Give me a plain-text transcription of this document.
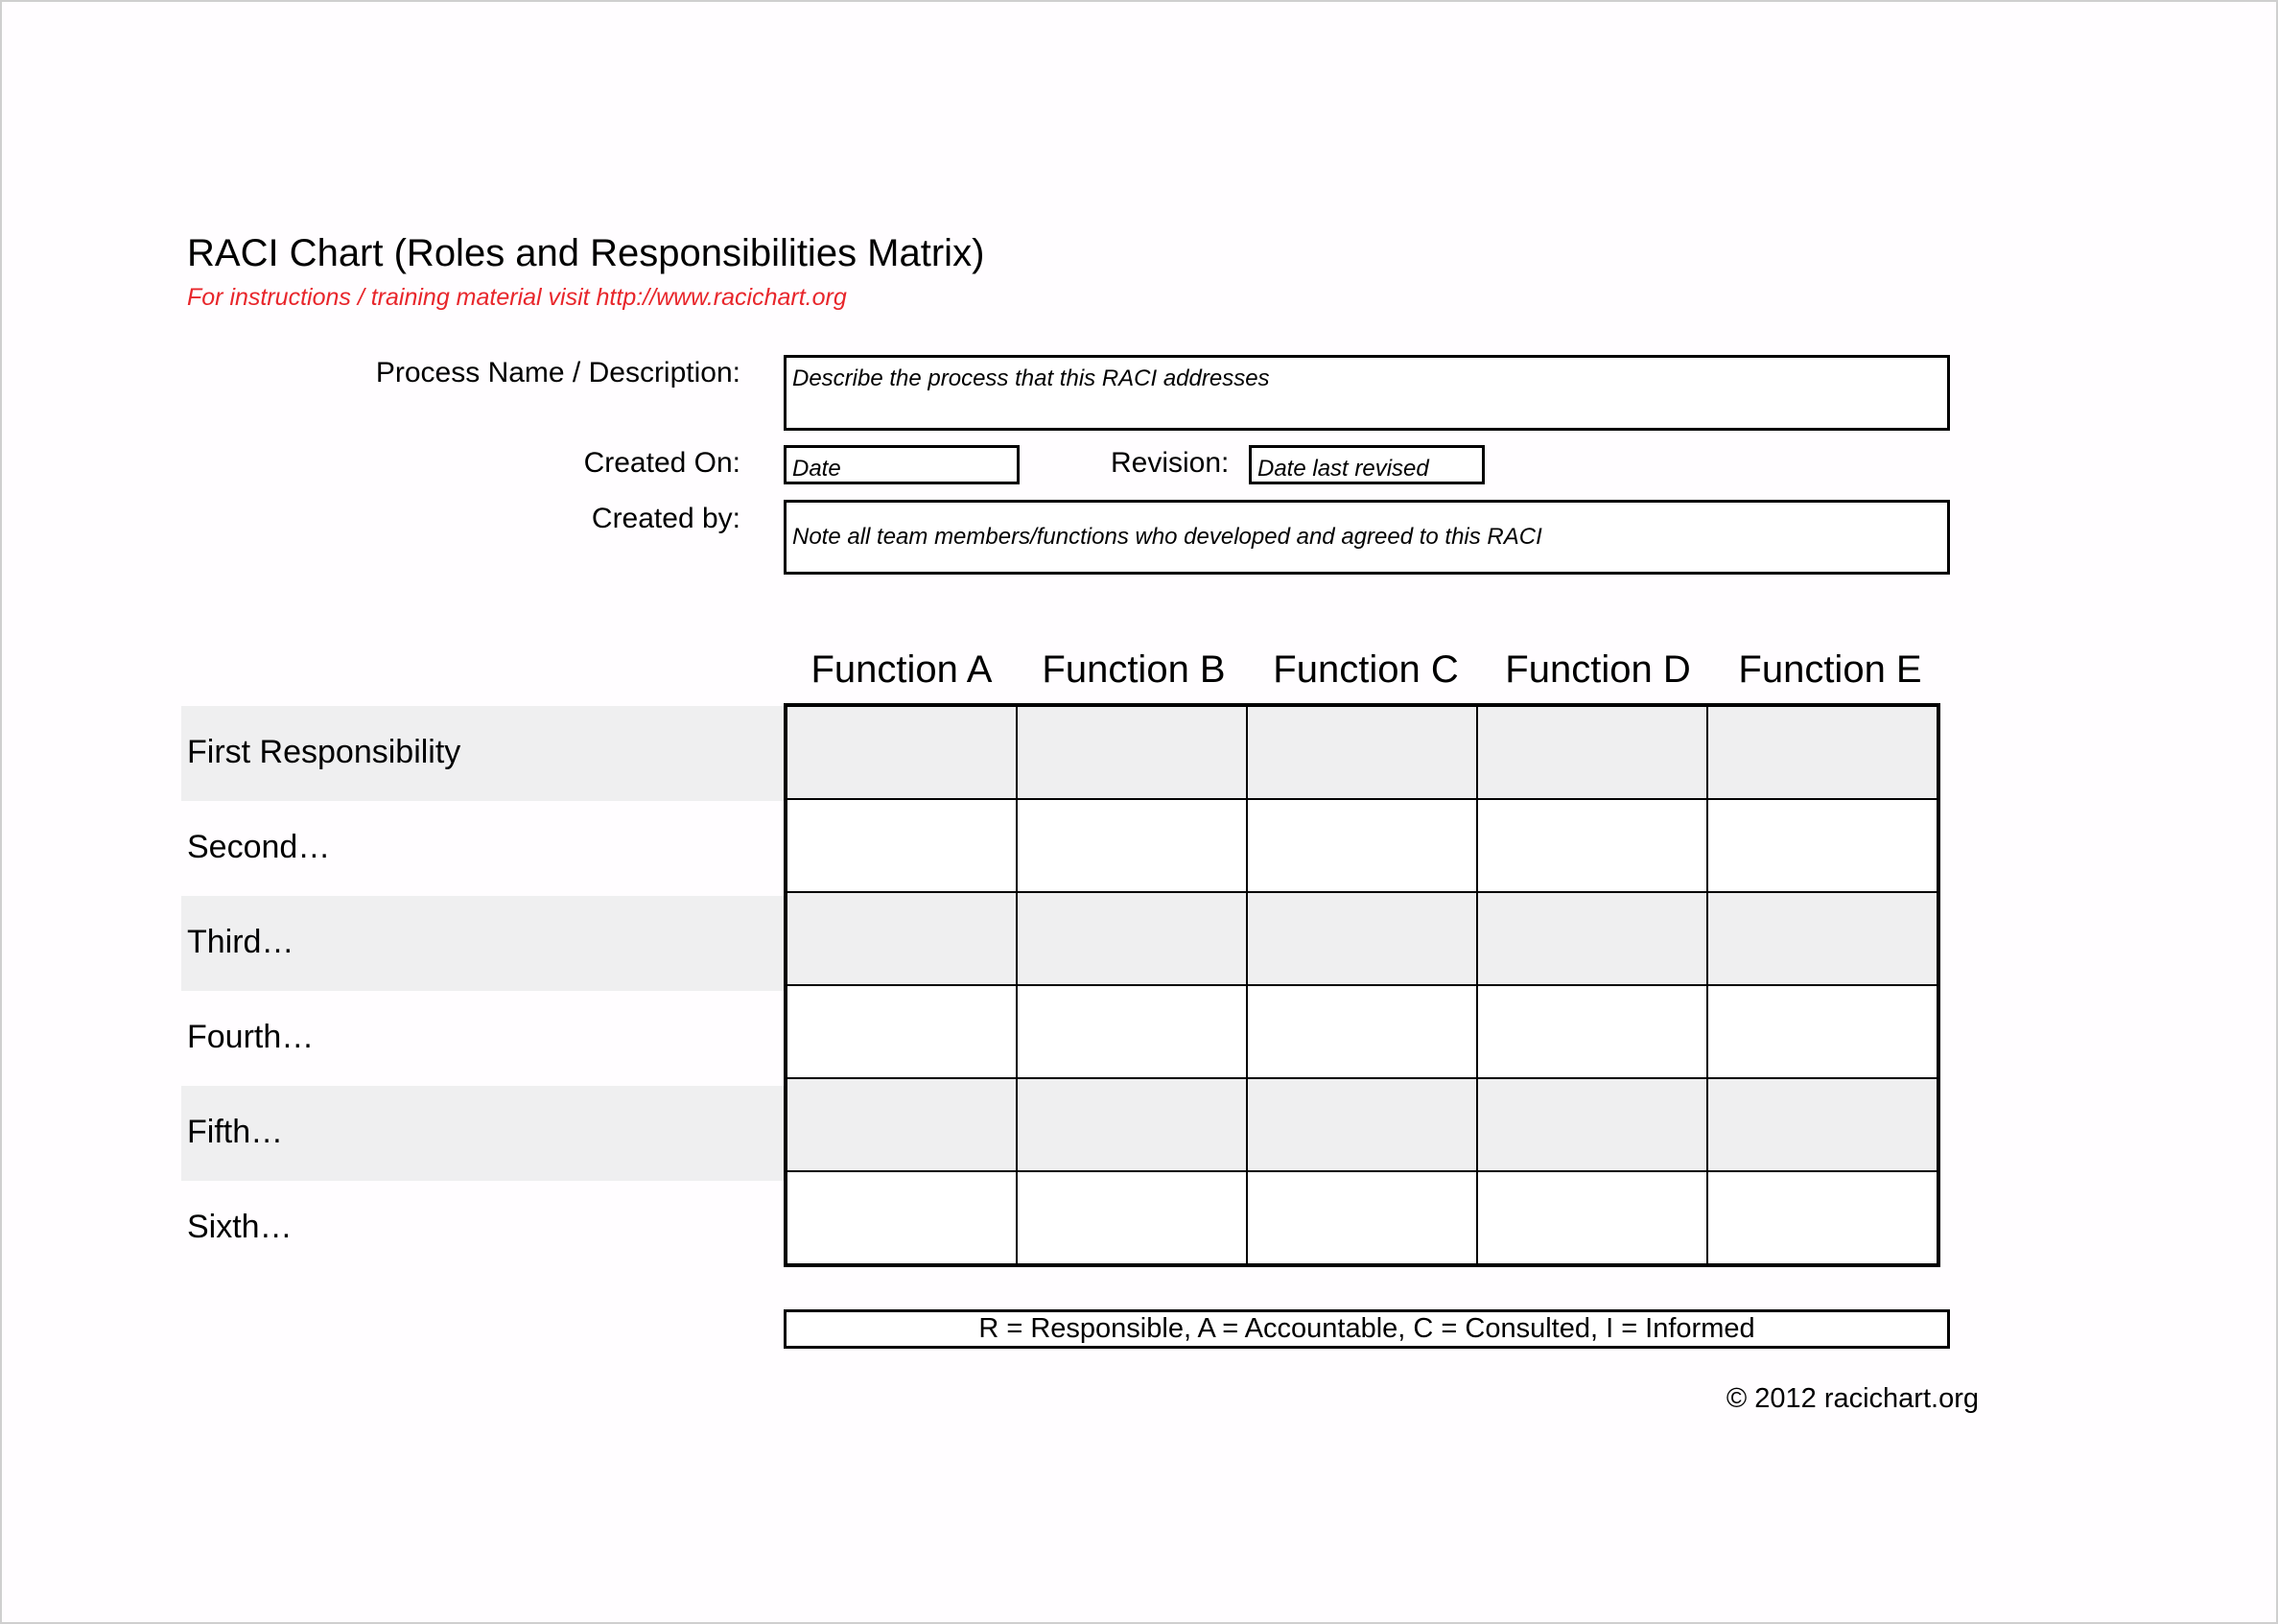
RACI Chart (Roles and Responsibilities Matrix)
For instructions / training material visit http://www.racichart.org
Process Name / Description:	Describe the process that this RACI addresses
Created On:	Date	Revision:	Date last revised
Created by:
Note all team members/functions who developed and agreed to this RACI
Function A	Function B	Function C	Function D	Function E
First Responsibility
Second…
Third…
Fourth…
Fifth…
Sixth…

R = Responsible, A = Accountable, C = Consulted, I = Informed
© 2012 racichart.org
